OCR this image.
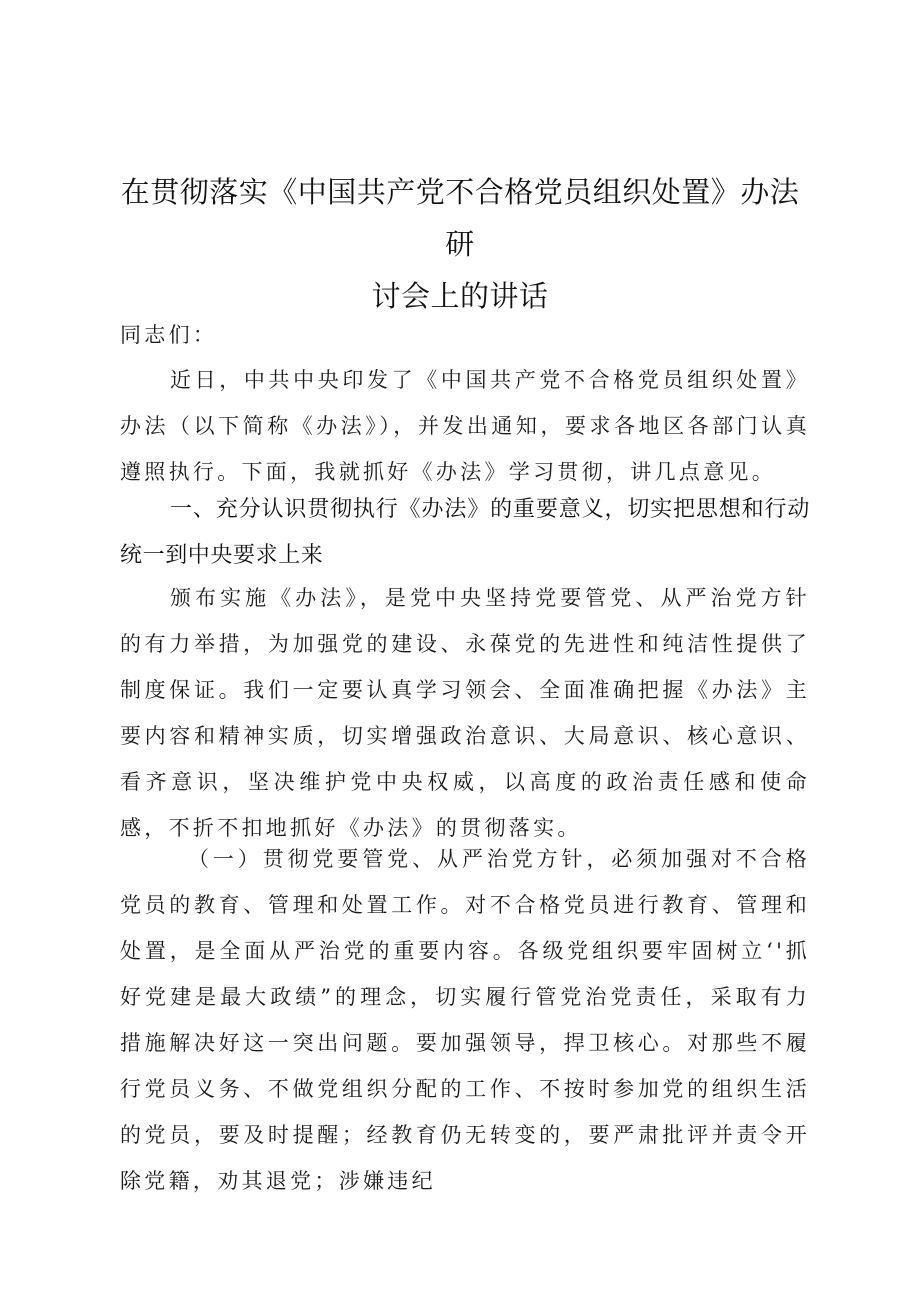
在贯彻落实《中国共产党不合格党员组织处置》办法研
讨会上的讲话
同志们：
近日，中共中央印发了《中国共产党不合格党员组织处置》办法（以下简称《办法》），并发出通知，要求各地区各部门认真遵照执行。下面，我就抓好《办法》学习贯彻，讲几点意见。
一、充分认识贯彻执行《办法》的重要意义，切实把思想和行动统一到中央要求上来
颁布实施《办法》，是党中央坚持党要管党、从严治党方针的有力举措，为加强党的建设、永葆党的先进性和纯洁性提供了制度保证。我们一定要认真学习领会、全面准确把握《办法》主要内容和精神实质，切实增强政治意识、大局意识、核心意识、看齐意识，坚决维护党中央权威，以高度的政治责任感和使命感，不折不扣地抓好《办法》的贯彻落实。
（一）贯彻党要管党、从严治党方针，必须加强对不合格党员的教育、管理和处置工作。对不合格党员进行教育、管理和处置，是全面从严治党的重要内容。各级党组织要牢固树立‘'抓好党建是最大政绩”的理念，切实履行管党治党责任，采取有力措施解决好这一突出问题。要加强领导，捍卫核心。对那些不履行党员义务、不做党组织分配的工作、不按时参加党的组织生活的党员，要及时提醒；经教育仍无转变的，要严肃批评并责令开除党籍，劝其退党；涉嫌违纪
